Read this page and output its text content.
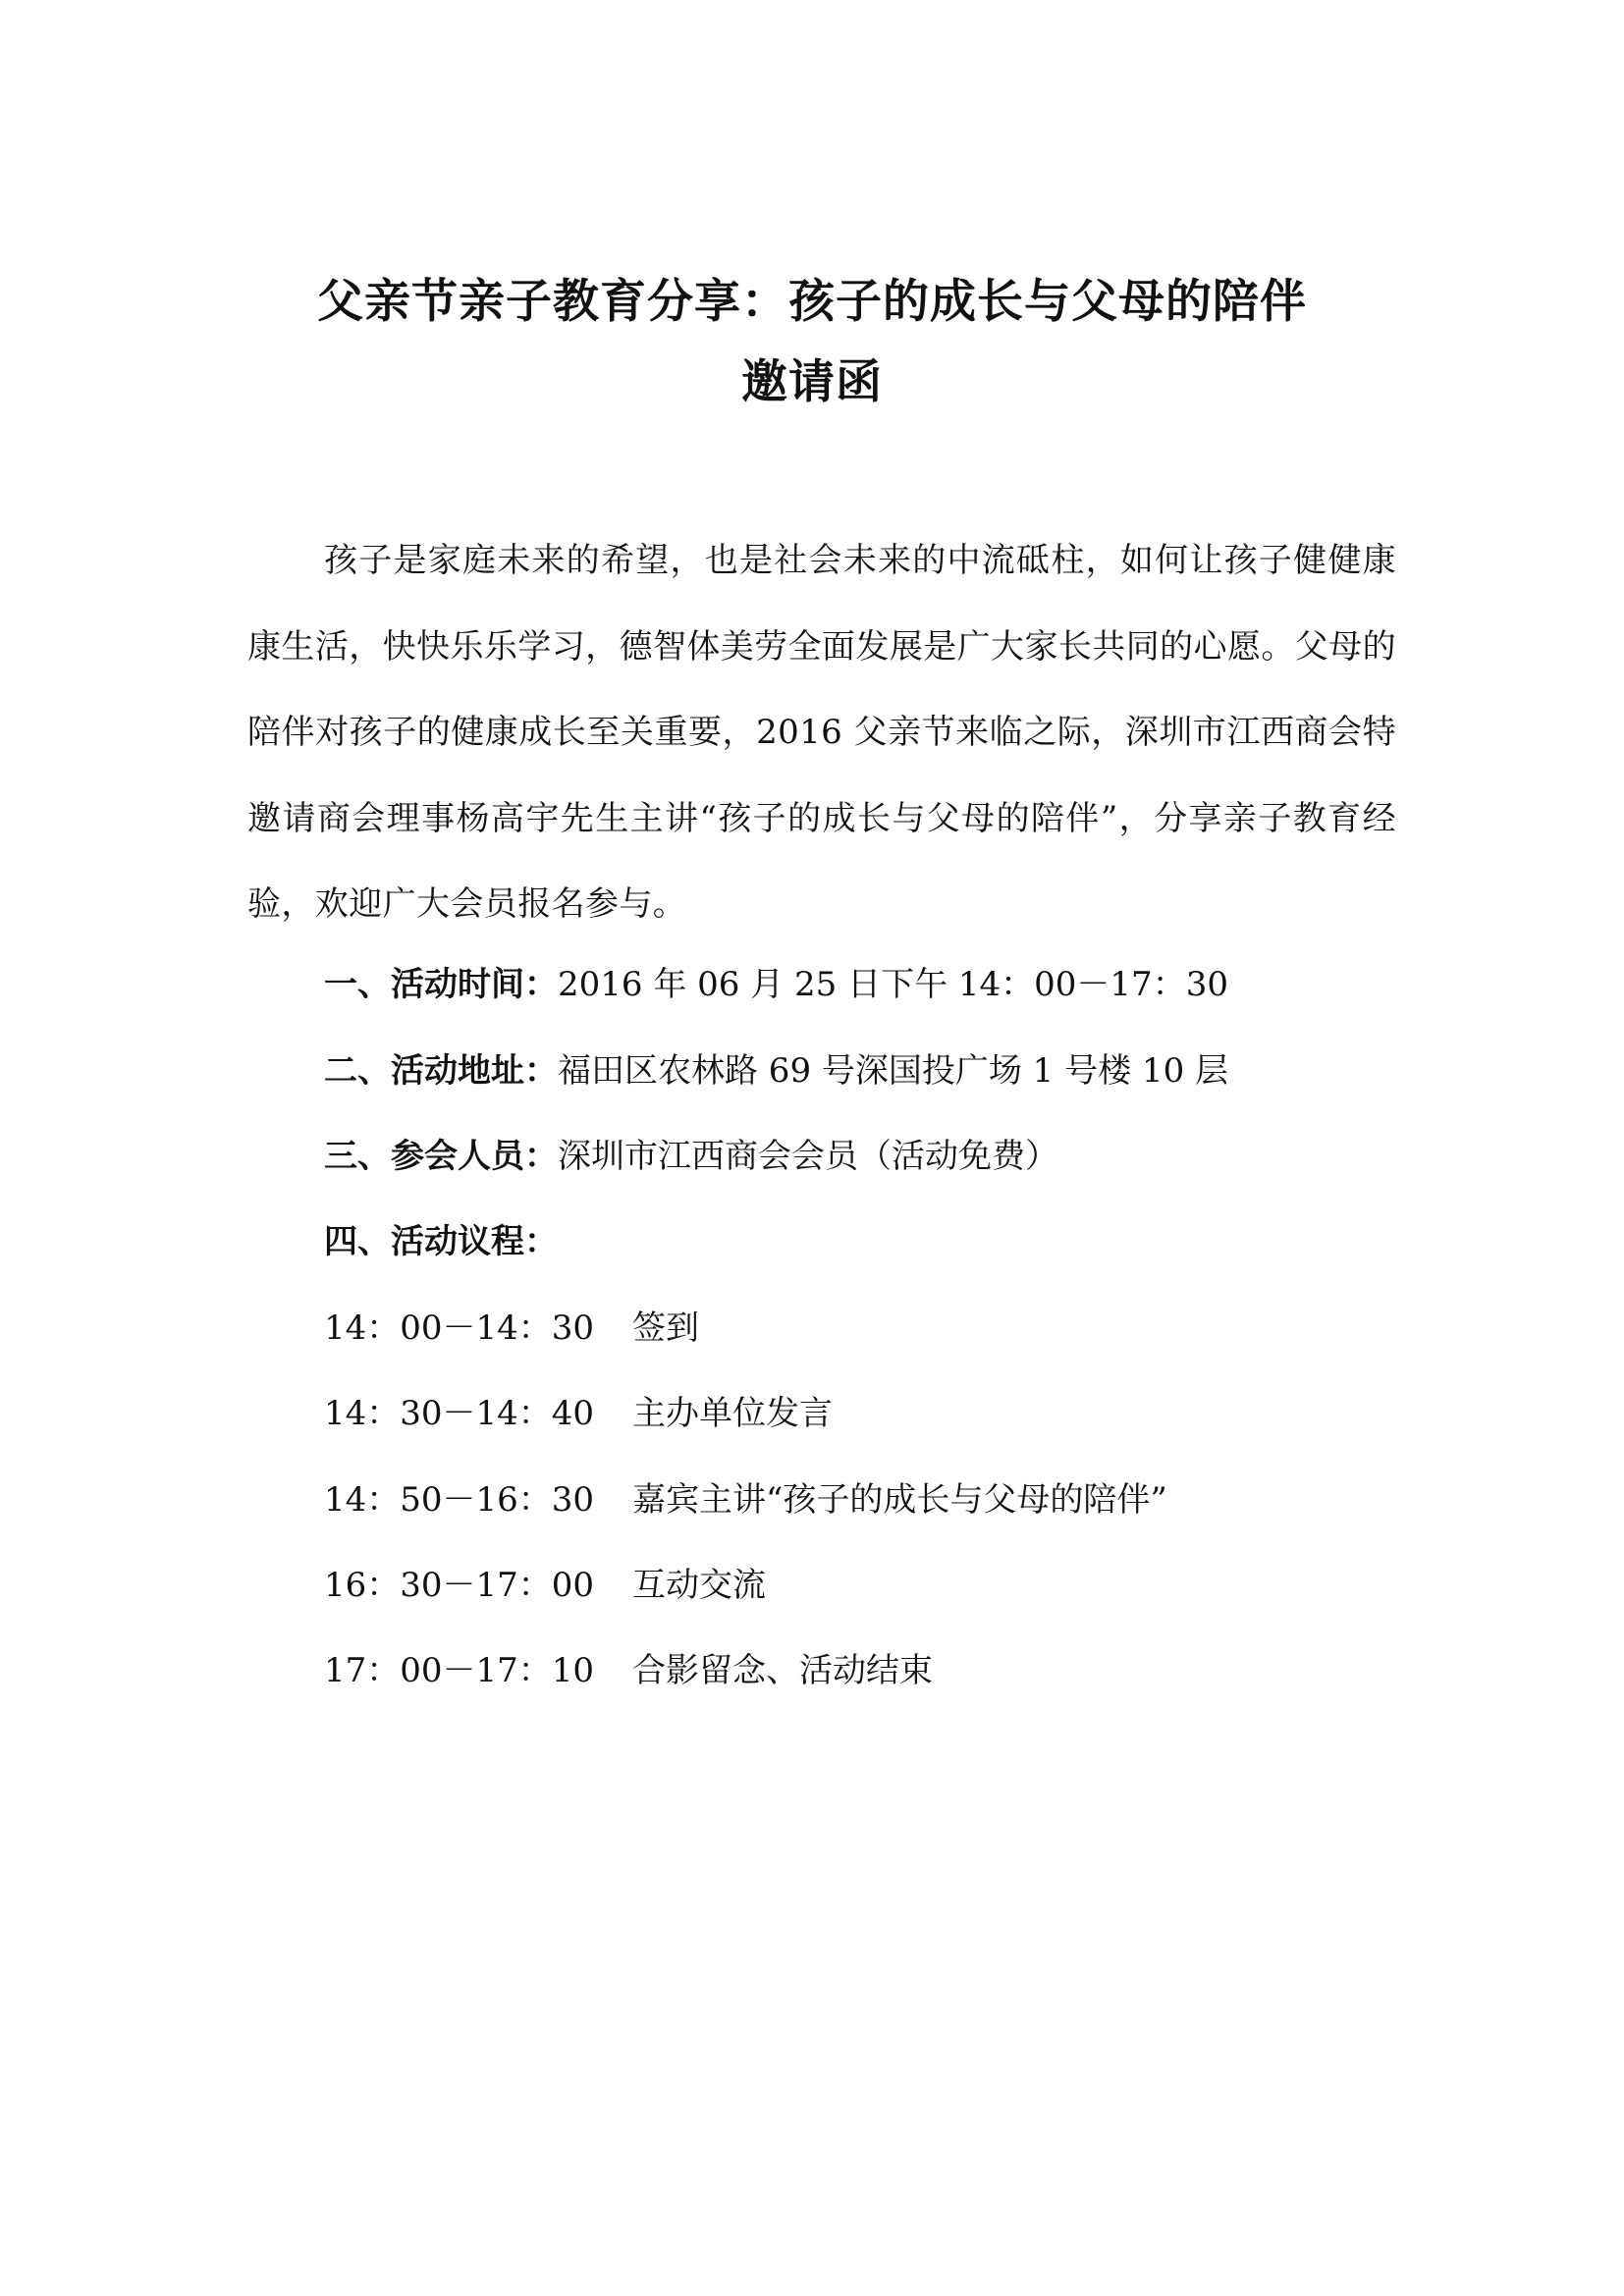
父亲节亲子教育分享：孩子的成长与父母的陪伴
邀请函
孩子是家庭未来的希望，也是社会未来的中流砥柱，如何让孩子健健康康生活，快快乐乐学习，德智体美劳全面发展是广大家长共同的心愿。父母的陪伴对孩子的健康成长至关重要，2016 父亲节来临之际，深圳市江西商会特邀请商会理事杨高宇先生主讲“孩子的成长与父母的陪伴”，分享亲子教育经验，欢迎广大会员报名参与。
一、活动时间：2016 年 06 月 25 日下午 14：00－17：30
二、活动地址：福田区农林路 69 号深国投广场 1 号楼 10 层
三、参会人员：深圳市江西商会会员（活动免费）
四、活动议程：
14：00－14：30 签到
14：30－14：40 主办单位发言
14：50－16：30 嘉宾主讲“孩子的成长与父母的陪伴”
16：30－17：00 互动交流
17：00－17：10 合影留念、活动结束
